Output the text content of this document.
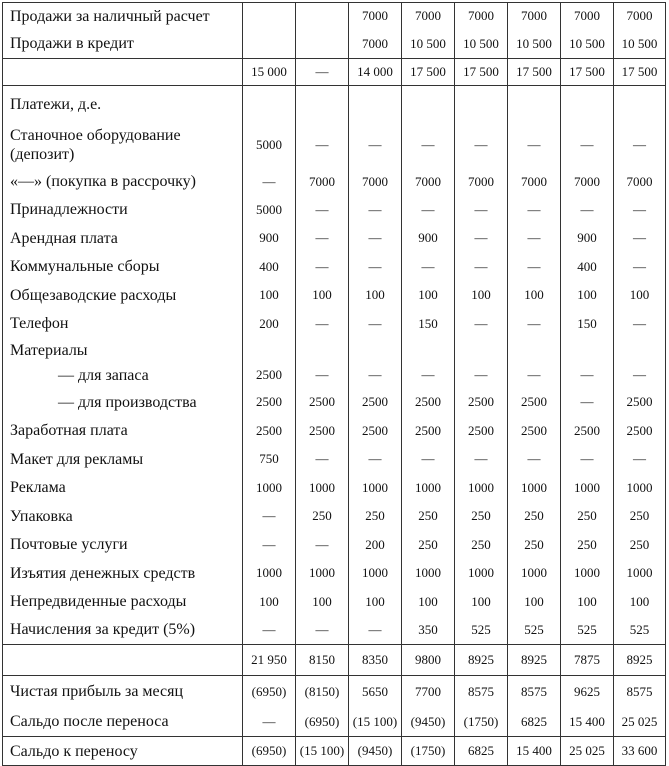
Продажи за наличный расчет			7000	7000	7000	7000	7000	7000
Продажи в кредит			7000	10 500	10 500	10 500	10 500	10 500
	15 000	—	14 000	17 500	17 500	17 500	17 500	17 500
Платежи, д.е.								
Станочное оборудование (депозит)	5000	—	—	—	—	—	—	—
«—» (покупка в рассрочку)	—	7000	7000	7000	7000	7000	7000	7000
Принадлежности	5000	—	—	—	—	—	—	—
Арендная плата	900	—	—	900	—	—	900	—
Коммунальные сборы	400	—	—	—	—	—	400	—
Общезаводские расходы	100	100	100	100	100	100	100	100
Телефон	200	—	—	150	—	—	150	—
Материалы								
— для запаса	2500	—	—	—	—	—	—	—
— для производства	2500	2500	2500	2500	2500	2500	—	2500
Заработная плата	2500	2500	2500	2500	2500	2500	2500	2500
Макет для рекламы	750	—	—	—	—	—	—	—
Реклама	1000	1000	1000	1000	1000	1000	1000	1000
Упаковка	—	250	250	250	250	250	250	250
Почтовые услуги	—	—	200	250	250	250	250	250
Изъятия денежных средств	1000	1000	1000	1000	1000	1000	1000	1000
Непредвиденные расходы	100	100	100	100	100	100	100	100
Начисления за кредит (5%)	—	—	—	350	525	525	525	525
	21 950	8150	8350	9800	8925	8925	7875	8925
Чистая прибыль за месяц	(6950)	(8150)	5650	7700	8575	8575	9625	8575
Сальдо после переноса	—	(6950)	(15 100)	(9450)	(1750)	6825	15 400	25 025
Сальдо к переносу	(6950)	(15 100)	(9450)	(1750)	6825	15 400	25 025	33 600
